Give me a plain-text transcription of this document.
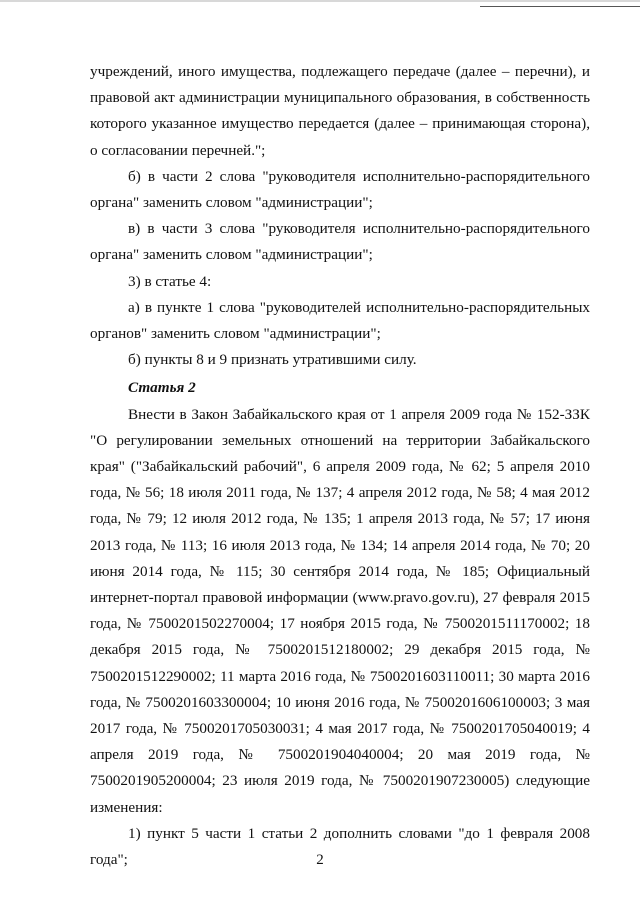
учреждений, иного имущества, подлежащего передаче (далее – перечни), и правовой акт администрации муниципального образования, в собственность которого указанное имущество передается (далее – принимающая сторона), о согласовании перечней.";

б) в части 2 слова "руководителя исполнительно-распорядительного органа" заменить словом "администрации";

в) в части 3 слова "руководителя исполнительно-распорядительного органа" заменить словом "администрации";

3) в статье 4:

а) в пункте 1 слова "руководителей исполнительно-распорядительных органов" заменить словом "администрации";

б) пункты 8 и 9 признать утратившими силу.

Статья 2

Внести в Закон Забайкальского края от 1 апреля 2009 года № 152-ЗЗК "О регулировании земельных отношений на территории Забайкальского края" ("Забайкальский рабочий", 6 апреля 2009 года, № 62; 5 апреля 2010 года, № 56; 18 июля 2011 года, № 137; 4 апреля 2012 года, № 58; 4 мая 2012 года, № 79; 12 июля 2012 года, № 135; 1 апреля 2013 года, № 57; 17 июня 2013 года, № 113; 16 июля 2013 года, № 134; 14 апреля 2014 года, № 70; 20 июня 2014 года, № 115; 30 сентября 2014 года, № 185; Официальный интернет-портал правовой информации (www.pravo.gov.ru), 27 февраля 2015 года, № 7500201502270004; 17 ноября 2015 года, № 7500201511170002; 18 декабря 2015 года, № 7500201512180002; 29 декабря 2015 года, № 7500201512290002; 11 марта 2016 года, № 7500201603110011; 30 марта 2016 года, № 7500201603300004; 10 июня 2016 года, № 7500201606100003; 3 мая 2017 года, № 7500201705030031; 4 мая 2017 года, № 7500201705040019; 4 апреля 2019 года, № 7500201904040004; 20 мая 2019 года, № 7500201905200004; 23 июля 2019 года, № 7500201907230005) следующие изменения:

1) пункт 5 части 1 статьи 2 дополнить словами "до 1 февраля 2008 года";	2
